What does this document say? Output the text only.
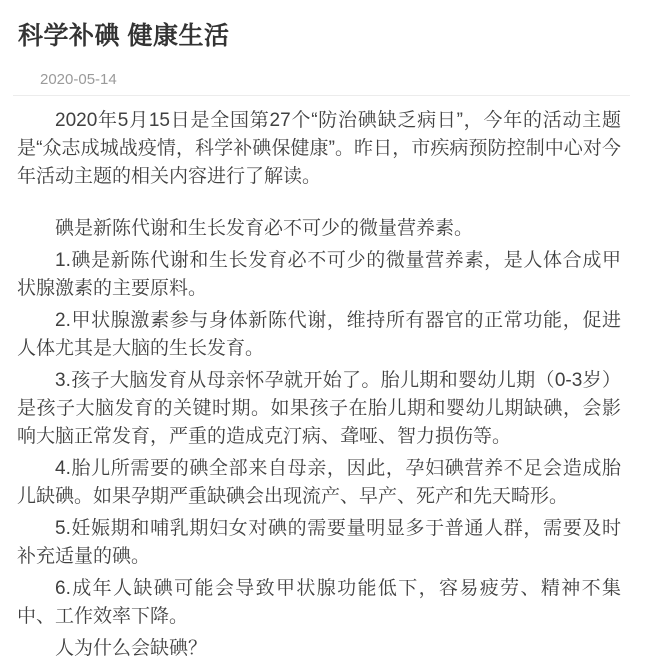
科学补碘 健康生活
2020-05-14

2020年5月15日是全国第27个“防治碘缺乏病日”，今年的活动主题是“众志成城战疫情，科学补碘保健康”。昨日，市疾病预防控制中心对今年活动主题的相关内容进行了解读。

碘是新陈代谢和生长发育必不可少的微量营养素。

1.碘是新陈代谢和生长发育必不可少的微量营养素，是人体合成甲状腺激素的主要原料。

2.甲状腺激素参与身体新陈代谢，维持所有器官的正常功能，促进人体尤其是大脑的生长发育。

3.孩子大脑发育从母亲怀孕就开始了。胎儿期和婴幼儿期（0-3岁）是孩子大脑发育的关键时期。如果孩子在胎儿期和婴幼儿期缺碘，会影响大脑正常发育，严重的造成克汀病、聋哑、智力损伤等。

4.胎儿所需要的碘全部来自母亲，因此，孕妇碘营养不足会造成胎儿缺碘。如果孕期严重缺碘会出现流产、早产、死产和先天畸形。

5.妊娠期和哺乳期妇女对碘的需要量明显多于普通人群，需要及时补充适量的碘。

6.成年人缺碘可能会导致甲状腺功能低下，容易疲劳、精神不集中、工作效率下降。

人为什么会缺碘？
